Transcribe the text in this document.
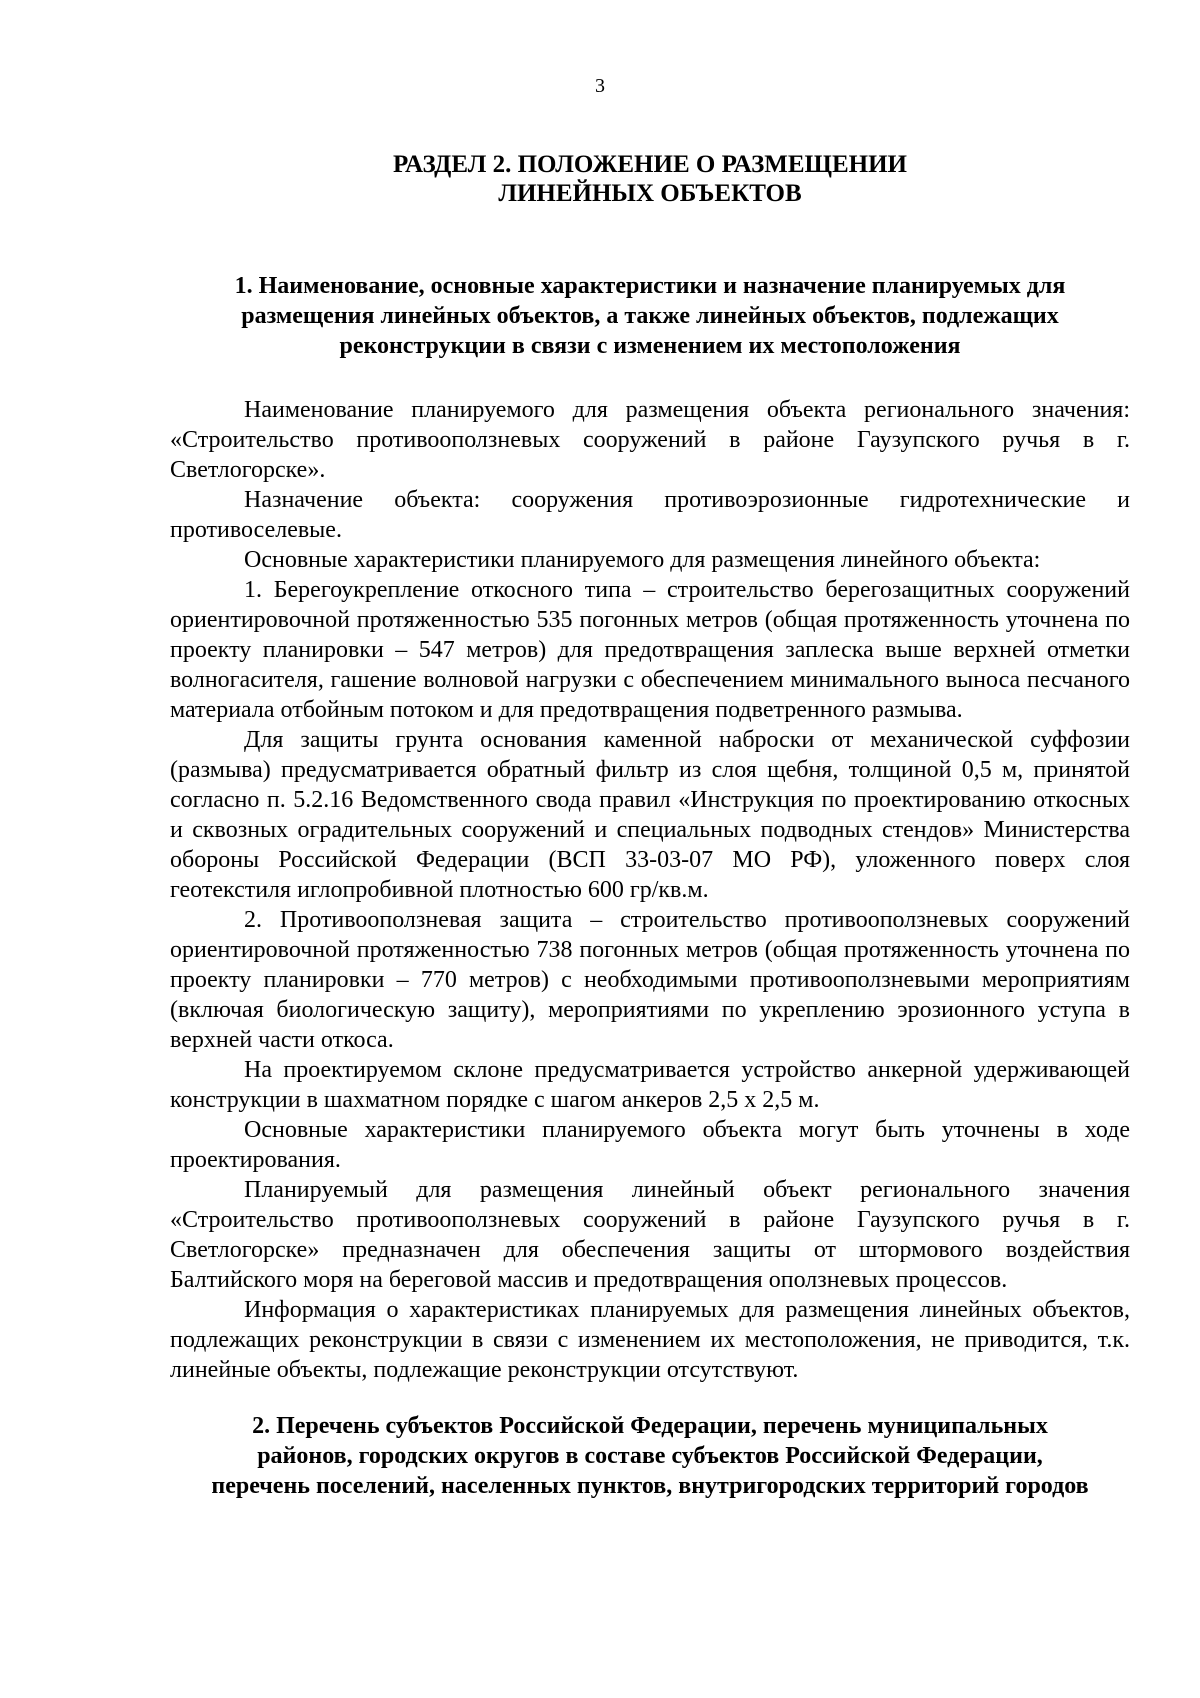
3
РАЗДЕЛ 2. ПОЛОЖЕНИЕ О РАЗМЕЩЕНИИ
ЛИНЕЙНЫХ ОБЪЕКТОВ
1. Наименование, основные характеристики и назначение планируемых для
размещения линейных объектов, а также линейных объектов, подлежащих
реконструкции в связи с изменением их местоположения

Наименование планируемого для размещения объекта регионального значения: «Строительство противооползневых сооружений в районе Гаузупского ручья в г. Светлогорске».

Назначение объекта: сооружения противоэрозионные гидротехнические и противоселевые.

Основные характеристики планируемого для размещения линейного объекта:

1. Берегоукрепление откосного типа – строительство берегозащитных сооружений ориентировочной протяженностью 535 погонных метров (общая протяженность уточнена по проекту планировки – 547 метров) для предотвращения заплеска выше верхней отметки волногасителя, гашение волновой нагрузки с обеспечением минимального выноса песчаного материала отбойным потоком и для предотвращения подветренного размыва.

Для защиты грунта основания каменной наброски от механической суффозии (размыва) предусматривается обратный фильтр из слоя щебня, толщиной 0,5 м, принятой согласно п. 5.2.16 Ведомственного свода правил «Инструкция по проектированию откосных и сквозных оградительных сооружений и специальных подводных стендов» Министерства обороны Российской Федерации (ВСП 33-03-07 МО РФ), уложенного поверх слоя геотекстиля иглопробивной плотностью 600 гр/кв.м.

2. Противооползневая защита – строительство противооползневых сооружений ориентировочной протяженностью 738 погонных метров (общая протяженность уточнена по проекту планировки – 770 метров) с необходимыми противооползневыми мероприятиям (включая биологическую защиту), мероприятиями по укреплению эрозионного уступа в верхней части откоса.

На проектируемом склоне предусматривается устройство анкерной удерживающей конструкции в шахматном порядке с шагом анкеров 2,5 х 2,5 м.

Основные характеристики планируемого объекта могут быть уточнены в ходе проектирования.

Планируемый для размещения линейный объект регионального значения «Строительство противооползневых сооружений в районе Гаузупского ручья в г. Светлогорске» предназначен для обеспечения защиты от штормового воздействия Балтийского моря на береговой массив и предотвращения оползневых процессов.

Информация о характеристиках планируемых для размещения линейных объектов, подлежащих реконструкции в связи с изменением их местоположения, не приводится, т.к. линейные объекты, подлежащие реконструкции отсутствуют.

2. Перечень субъектов Российской Федерации, перечень муниципальных
районов, городских округов в составе субъектов Российской Федерации,
перечень поселений, населенных пунктов, внутригородских территорий городов
